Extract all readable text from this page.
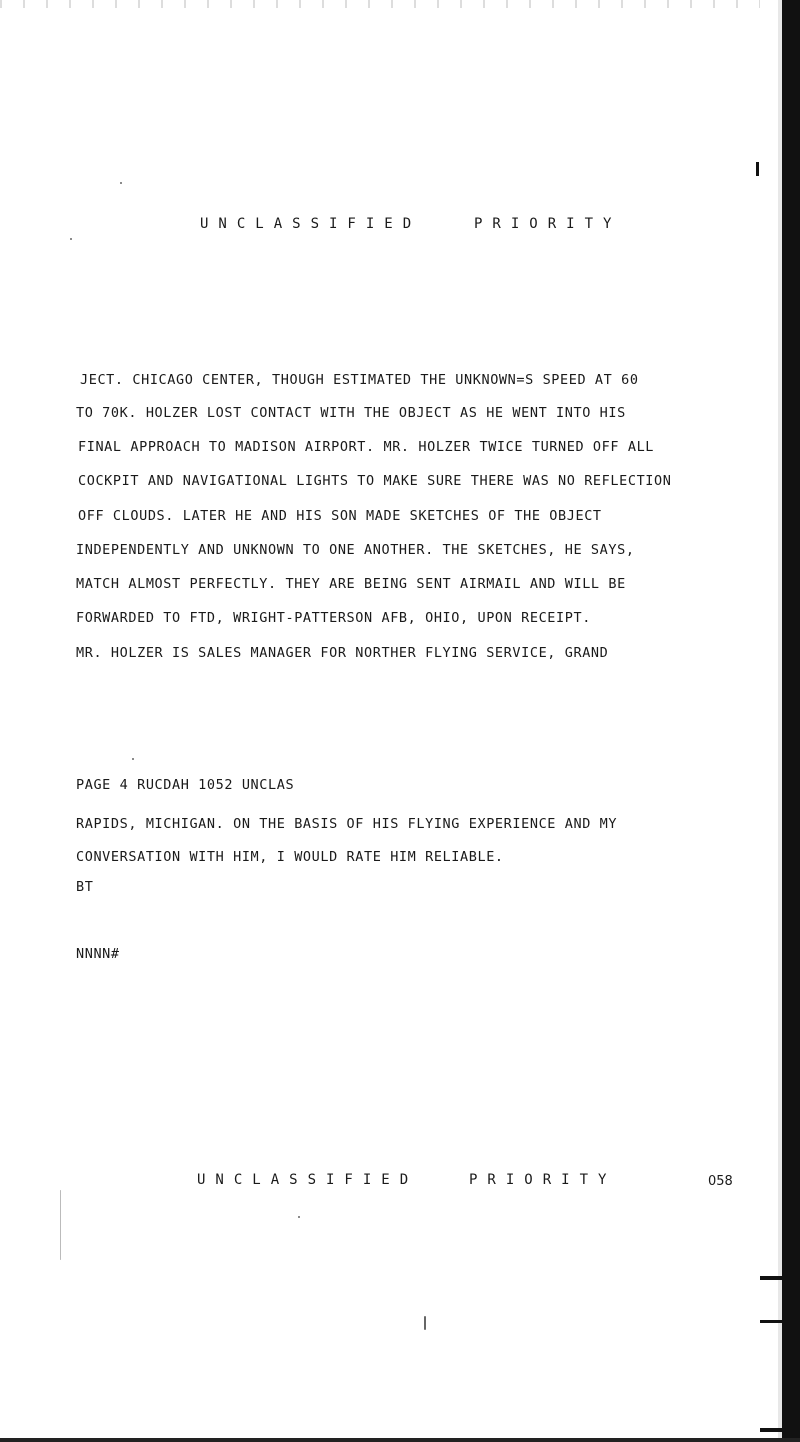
UNCLASSIFIED	PRIORITY
JECT. CHICAGO CENTER, THOUGH ESTIMATED THE UNKNOWN=S SPEED AT 60
TO 70K. HOLZER LOST CONTACT WITH THE OBJECT AS HE WENT INTO HIS
FINAL APPROACH TO MADISON AIRPORT. MR. HOLZER TWICE TURNED OFF ALL
COCKPIT AND NAVIGATIONAL LIGHTS TO MAKE SURE THERE WAS NO REFLECTION
OFF CLOUDS. LATER HE AND HIS SON MADE SKETCHES OF THE OBJECT
INDEPENDENTLY AND UNKNOWN TO ONE ANOTHER. THE SKETCHES, HE SAYS,
MATCH ALMOST PERFECTLY. THEY ARE BEING SENT AIRMAIL AND WILL BE
FORWARDED TO FTD, WRIGHT-PATTERSON AFB, OHIO, UPON RECEIPT.
MR. HOLZER IS SALES MANAGER FOR NORTHER FLYING SERVICE, GRAND
PAGE 4 RUCDAH 1052 UNCLAS
RAPIDS, MICHIGAN. ON THE BASIS OF HIS FLYING EXPERIENCE AND MY
CONVERSATION WITH HIM, I WOULD RATE HIM RELIABLE.
BT
NNNN#
UNCLASSIFIED	PRIORITY	058
